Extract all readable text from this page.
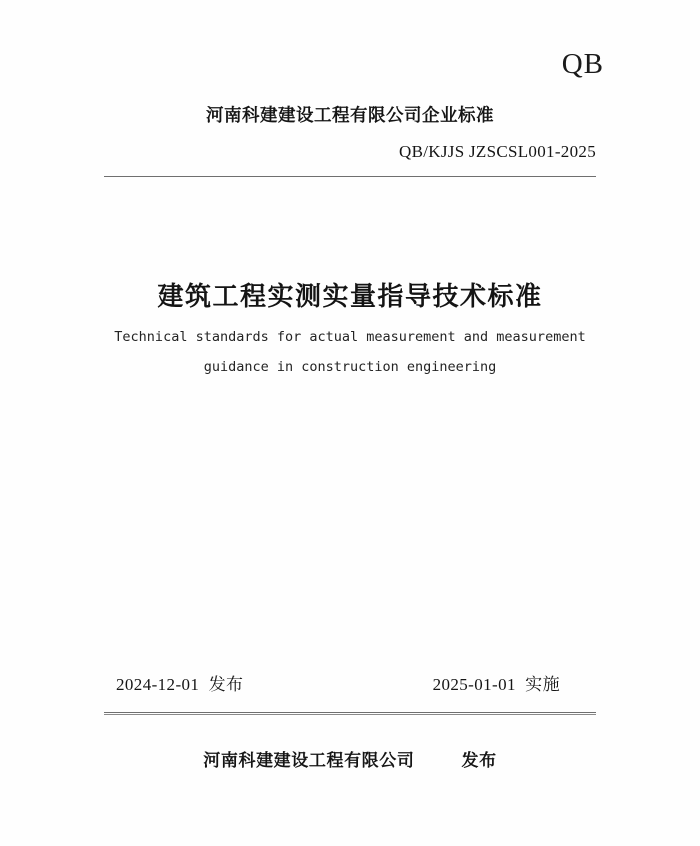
QB
河南科建建设工程有限公司企业标准
QB/KJJS JZSCSL001-2025
建筑工程实测实量指导技术标准
Technical standards for actual measurement and measurement
guidance in construction engineering
2024-12-01  发布	2025-01-01  实施
河南科建建设工程有限公司	发布
